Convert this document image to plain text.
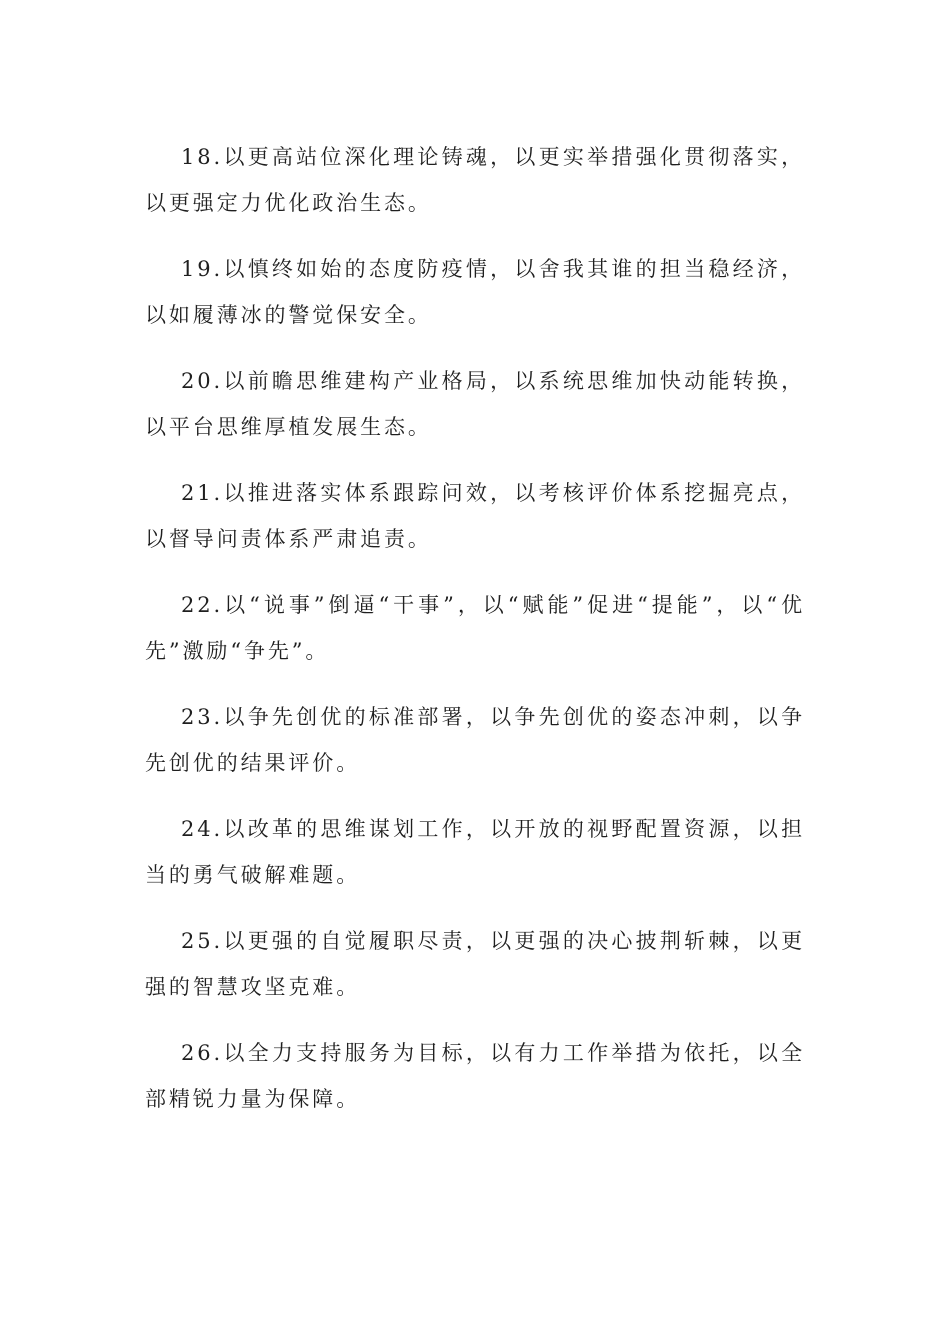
18.以更高站位深化理论铸魂，以更实举措强化贯彻落实，以更强定力优化政治生态。

19.以慎终如始的态度防疫情，以舍我其谁的担当稳经济，以如履薄冰的警觉保安全。

20.以前瞻思维建构产业格局，以系统思维加快动能转换，以平台思维厚植发展生态。

21.以推进落实体系跟踪问效，以考核评价体系挖掘亮点，以督导问责体系严肃追责。

22.以“说事”倒逼“干事”，以“赋能”促进“提能”，以“优先”激励“争先”。

23.以争先创优的标准部署，以争先创优的姿态冲刺，以争先创优的结果评价。

24.以改革的思维谋划工作，以开放的视野配置资源，以担当的勇气破解难题。

25.以更强的自觉履职尽责，以更强的决心披荆斩棘，以更强的智慧攻坚克难。

26.以全力支持服务为目标，以有力工作举措为依托，以全部精锐力量为保障。
